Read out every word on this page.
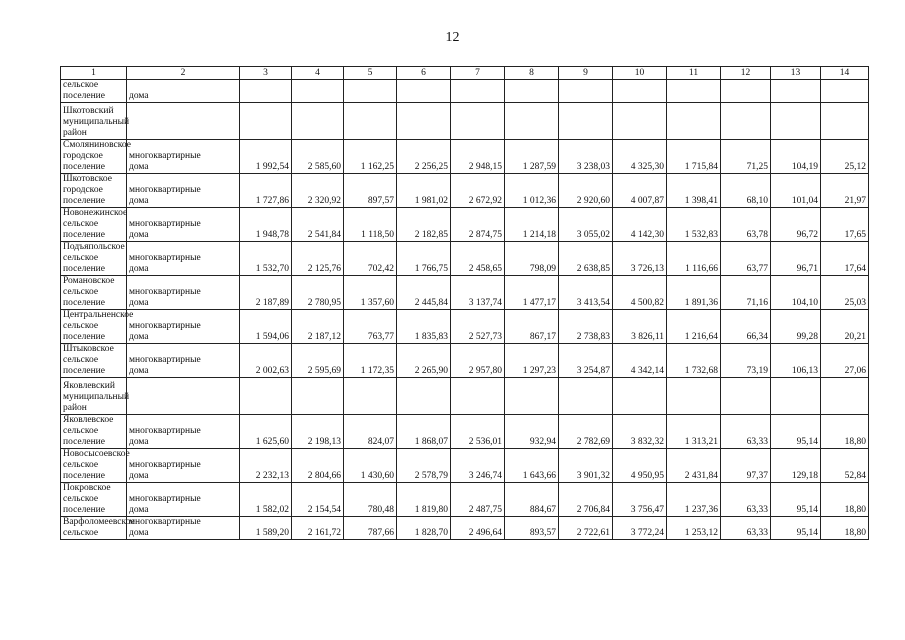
12
1	2	3	4	5	6	7	8	9	10	11	12	13	14
сельское
поселение	дома												
Шкотовский
муниципальный
район													
Смоляниновское
городское
поселение	многоквартирные
дома	1 992,54	2 585,60	1 162,25	2 256,25	2 948,15	1 287,59	3 238,03	4 325,30	1 715,84	71,25	104,19	25,12
Шкотовское
городское
поселение	многоквартирные
дома	1 727,86	2 320,92	897,57	1 981,02	2 672,92	1 012,36	2 920,60	4 007,87	1 398,41	68,10	101,04	21,97
Новонежинское
сельское
поселение	многоквартирные
дома	1 948,78	2 541,84	1 118,50	2 182,85	2 874,75	1 214,18	3 055,02	4 142,30	1 532,83	63,78	96,72	17,65
Подъяпольское
сельское
поселение	многоквартирные
дома	1 532,70	2 125,76	702,42	1 766,75	2 458,65	798,09	2 638,85	3 726,13	1 116,66	63,77	96,71	17,64
Романовское
сельское
поселение	многоквартирные
дома	2 187,89	2 780,95	1 357,60	2 445,84	3 137,74	1 477,17	3 413,54	4 500,82	1 891,36	71,16	104,10	25,03
Центральненское
сельское
поселение	многоквартирные
дома	1 594,06	2 187,12	763,77	1 835,83	2 527,73	867,17	2 738,83	3 826,11	1 216,64	66,34	99,28	20,21
Штыковское
сельское
поселение	многоквартирные
дома	2 002,63	2 595,69	1 172,35	2 265,90	2 957,80	1 297,23	3 254,87	4 342,14	1 732,68	73,19	106,13	27,06
Яковлевский
муниципальный
район													
Яковлевское
сельское
поселение	многоквартирные
дома	1 625,60	2 198,13	824,07	1 868,07	2 536,01	932,94	2 782,69	3 832,32	1 313,21	63,33	95,14	18,80
Новосысоевское
сельское
поселение	многоквартирные
дома	2 232,13	2 804,66	1 430,60	2 578,79	3 246,74	1 643,66	3 901,32	4 950,95	2 431,84	97,37	129,18	52,84
Покровское
сельское
поселение	многоквартирные
дома	1 582,02	2 154,54	780,48	1 819,80	2 487,75	884,67	2 706,84	3 756,47	1 237,36	63,33	95,14	18,80
Варфоломеевское
сельское	многоквартирные
дома	1 589,20	2 161,72	787,66	1 828,70	2 496,64	893,57	2 722,61	3 772,24	1 253,12	63,33	95,14	18,80
